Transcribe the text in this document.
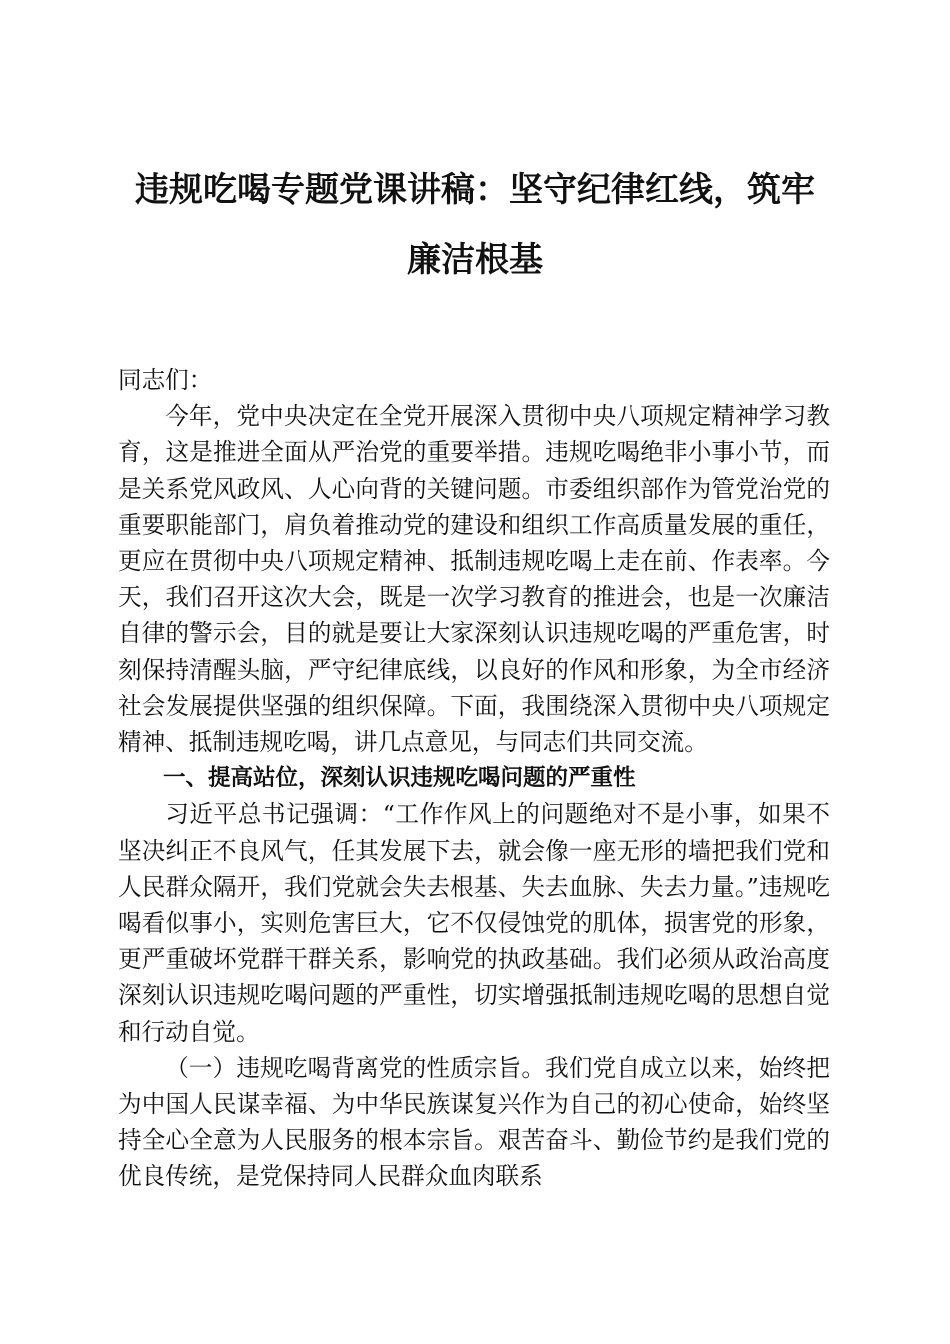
违规吃喝专题党课讲稿：坚守纪律红线，筑牢
廉洁根基

同志们：

今年，党中央决定在全党开展深入贯彻中央八项规定精神学习教育，这是推进全面从严治党的重要举措。违规吃喝绝非小事小节，而是关系党风政风、人心向背的关键问题。市委组织部作为管党治党的重要职能部门，肩负着推动党的建设和组织工作高质量发展的重任，更应在贯彻中央八项规定精神、抵制违规吃喝上走在前、作表率。今天，我们召开这次大会，既是一次学习教育的推进会，也是一次廉洁自律的警示会，目的就是要让大家深刻认识违规吃喝的严重危害，时刻保持清醒头脑，严守纪律底线，以良好的作风和形象，为全市经济社会发展提供坚强的组织保障。下面，我围绕深入贯彻中央八项规定精神、抵制违规吃喝，讲几点意见，与同志们共同交流。

一、提高站位，深刻认识违规吃喝问题的严重性

习近平总书记强调：“工作作风上的问题绝对不是小事，如果不坚决纠正不良风气，任其发展下去，就会像一座无形的墙把我们党和人民群众隔开，我们党就会失去根基、失去血脉、失去力量。”违规吃喝看似事小，实则危害巨大，它不仅侵蚀党的肌体，损害党的形象，更严重破坏党群干群关系，影响党的执政基础。我们必须从政治高度深刻认识违规吃喝问题的严重性，切实增强抵制违规吃喝的思想自觉和行动自觉。

（一）违规吃喝背离党的性质宗旨。我们党自成立以来，始终把为中国人民谋幸福、为中华民族谋复兴作为自己的初心使命，始终坚持全心全意为人民服务的根本宗旨。艰苦奋斗、勤俭节约是我们党的优良传统，是党保持同人民群众血肉联系
